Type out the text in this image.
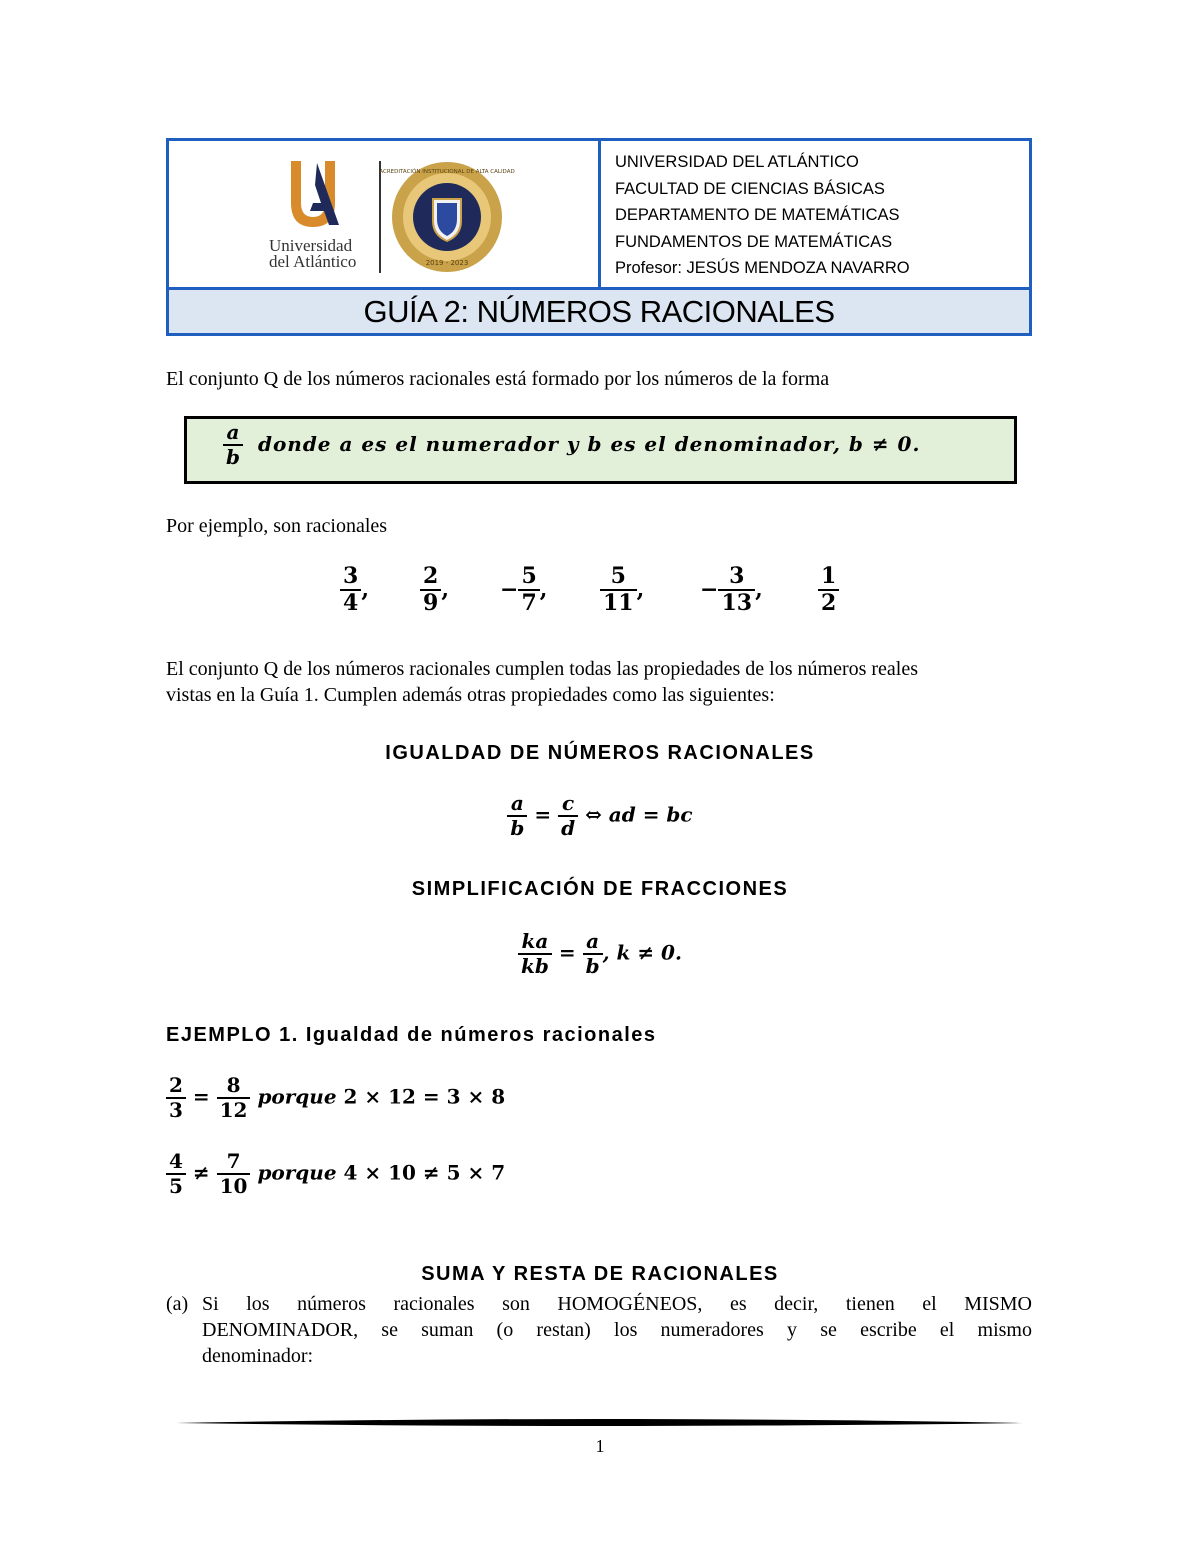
Universidad
del Atlántico	2019 - 2023
ACREDITACIÓN INSTITUCIONAL DE ALTA CALIDAD
UNIVERSIDAD DEL ATLÁNTICO
FACULTAD DE CIENCIAS BÁSICAS
DEPARTAMENTO DE MATEMÁTICAS
FUNDAMENTOS DE MATEMÁTICAS
Profesor: JESÚS MENDOZA NAVARRO
GUÍA 2: NÚMEROS RACIONALES
El conjunto Q de los números racionales está formado por los números de la forma
$\frac{a}{b}$ donde a es el numerador y b es el denominador, b ≠ 0.
Por ejemplo, son racionales
$\frac{3}{4}$ , $\frac{2}{9}$ , − $\frac{5}{7}$ , $\frac{5}{11}$ ,	− $\frac{3}{13}$ ,	$\frac{1}{2}$
El conjunto Q de los números racionales cumplen todas las propiedades de los números reales
vistas en la Guía 1. Cumplen además otras propiedades como las siguientes:
IGUALDAD DE NÚMEROS RACIONALES
$\frac{a}{b} = \frac{c}{d}$ ⇔ ad = bc
SIMPLIFICACIÓN DE FRACCIONES
$\frac{ka}{kb} = \frac{a}{b}$ , k ≠ 0.
EJEMPLO 1. Igualdad de números racionales
$\frac{2}{3} = \frac{8}{12}$ porque 2 × 12 = 3 × 8
$\frac{4}{5} \ne \frac{7}{10}$ porque 4 × 10 ≠ 5 × 7
SUMA Y RESTA DE RACIONALES
(a) Si los números racionales son HOMOGÉNEOS, es decir, tienen el MISMO
DENOMINADOR, se suman (o restan) los numeradores y se escribe el mismo
denominador:
1
